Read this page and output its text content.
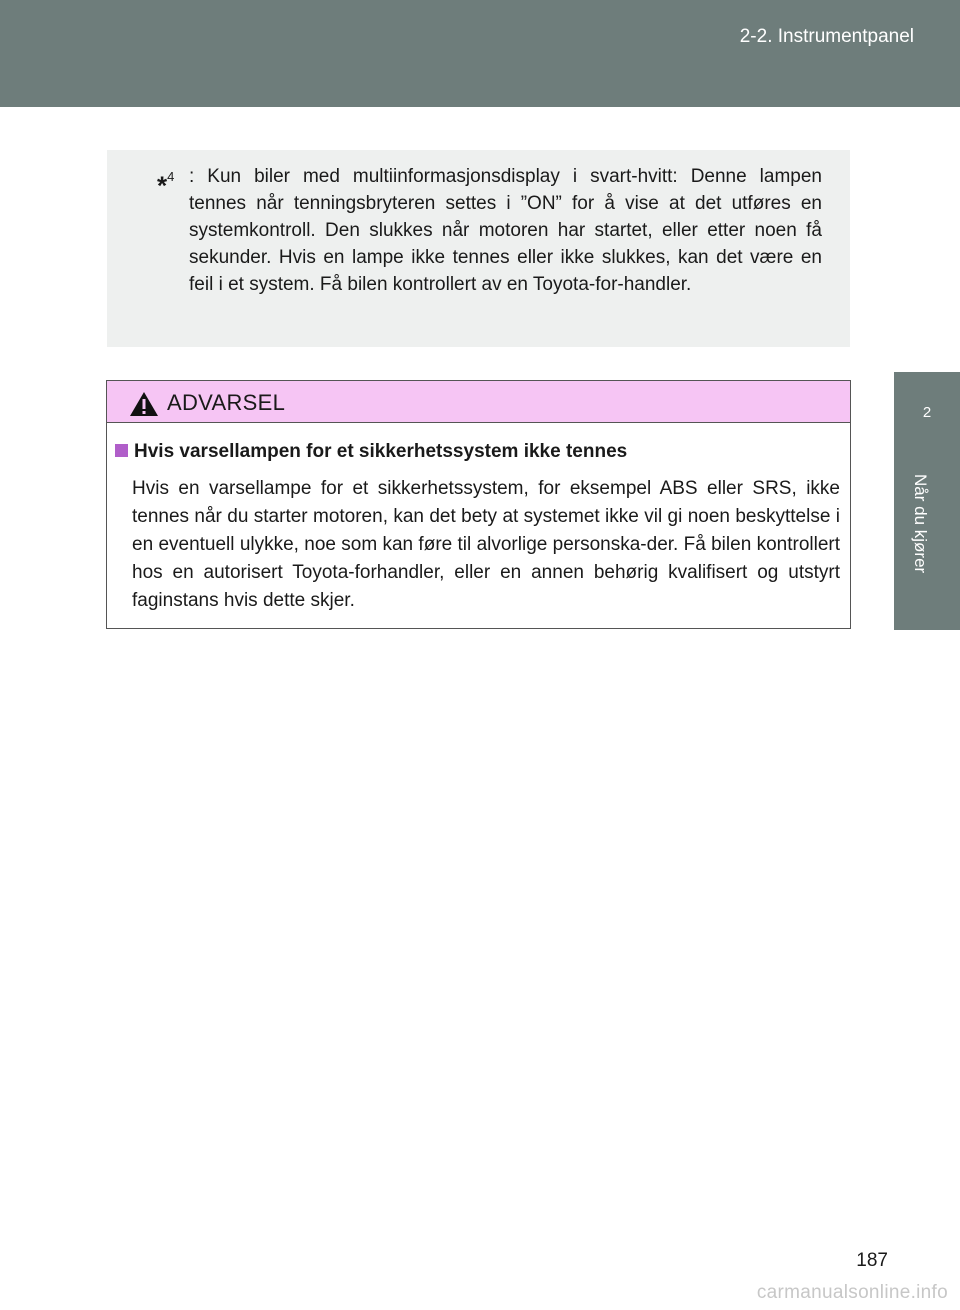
2-2. Instrumentpanel
2
Når du kjører
*$^4$ : Kun biler med multiinformasjonsdisplay i svart-hvitt: Denne lampen tennes når tenningsbryteren settes i ”ON” for å vise at det utføres en systemkontroll. Den slukkes når motoren har startet, eller etter noen få sekunder. Hvis en lampe ikke tennes eller ikke slukkes, kan det være en feil i et system. Få bilen kontrollert av en Toyota-for-handler.
ADVARSEL
Hvis varsellampen for et sikkerhetssystem ikke tennes
Hvis en varsellampe for et sikkerhetssystem, for eksempel ABS eller SRS, ikke tennes når du starter motoren, kan det bety at systemet ikke vil gi noen beskyttelse i en eventuell ulykke, noe som kan føre til alvorlige personska-der. Få bilen kontrollert hos en autorisert Toyota-forhandler, eller en annen behørig kvalifisert og utstyrt faginstans hvis dette skjer.
187
carmanualsonline.info
